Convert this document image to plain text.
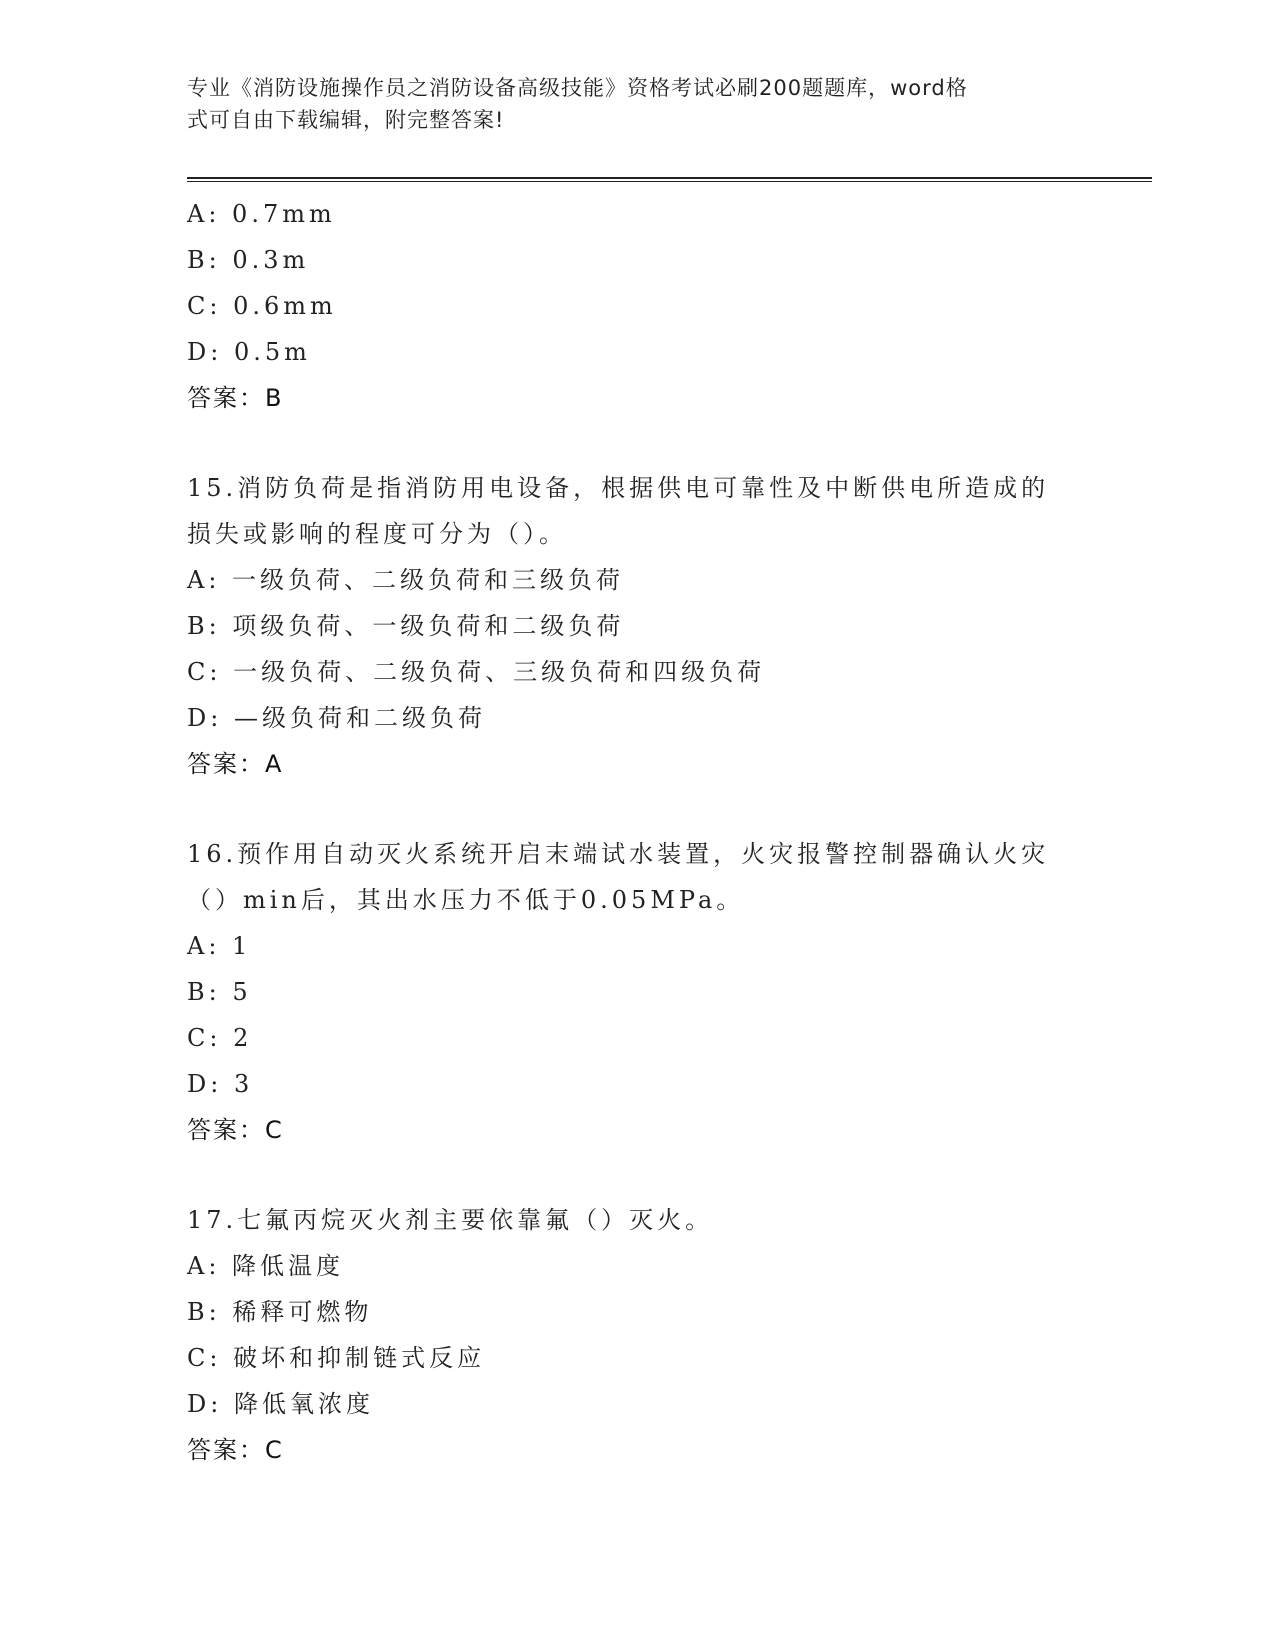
专业《消防设施操作员之消防设备高级技能》资格考试必刷200题题库，word格
式可自由下载编辑，附完整答案!
A: 0.7mm
B: 0.3m
C: 0.6mm
D: 0.5m
答案：B
15.消防负荷是指消防用电设备，根据供电可靠性及中断供电所造成的
损失或影响的程度可分为（）。
A: 一级负荷、二级负荷和三级负荷
B: 项级负荷、一级负荷和二级负荷
C: 一级负荷、二级负荷、三级负荷和四级负荷
D: —级负荷和二级负荷
答案：A
16.预作用自动灭火系统开启末端试水装置，火灾报警控制器确认火灾
（）min后，其出水压力不低于0.05MPa。
A: 1
B: 5
C: 2
D: 3
答案：C
17.七氟丙烷灭火剂主要依靠氟（）灭火。
A: 降低温度
B: 稀释可燃物
C: 破坏和抑制链式反应
D: 降低氧浓度
答案：C
